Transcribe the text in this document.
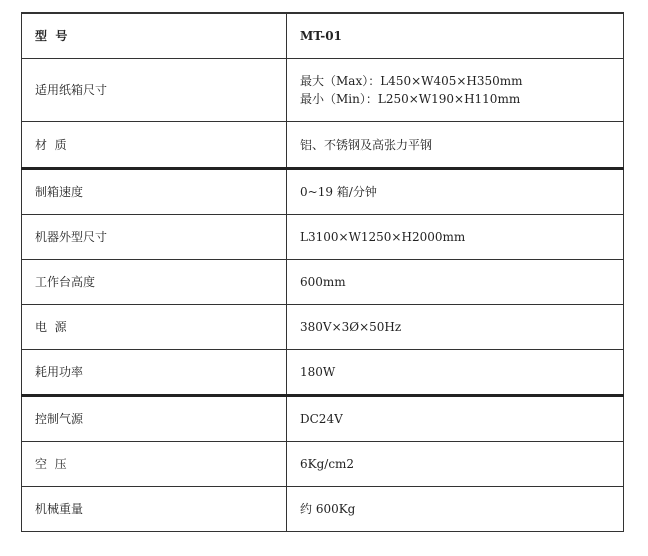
型  号	MT-01
适用纸箱尺寸	最大（Max）：L450×W405×H350mm
最小（Min）：L250×W190×H110mm

材  质	铝、不锈钢及高张力平钢
制箱速度	0~19 箱/分钟
机器外型尺寸	L3100×W1250×H2000mm
工作台高度	600mm
电  源	380V×3Ø×50Hz
耗用功率	180W
控制气源	DC24V
空  压	6Kg/cm2
机械重量	约 600Kg
